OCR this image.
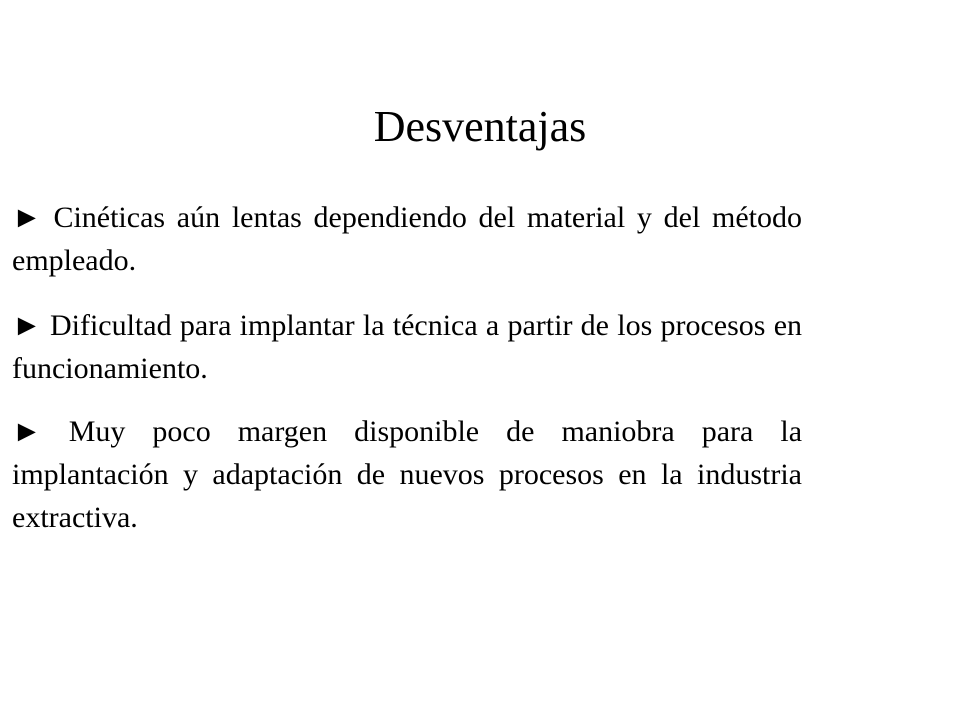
Desventajas
► Cinéticas aún lentas dependiendo del material y del método empleado.
► Dificultad para implantar la técnica a partir de los procesos en funcionamiento.
► Muy poco margen disponible de maniobra para la implantación y adaptación de nuevos procesos en la industria extractiva.
